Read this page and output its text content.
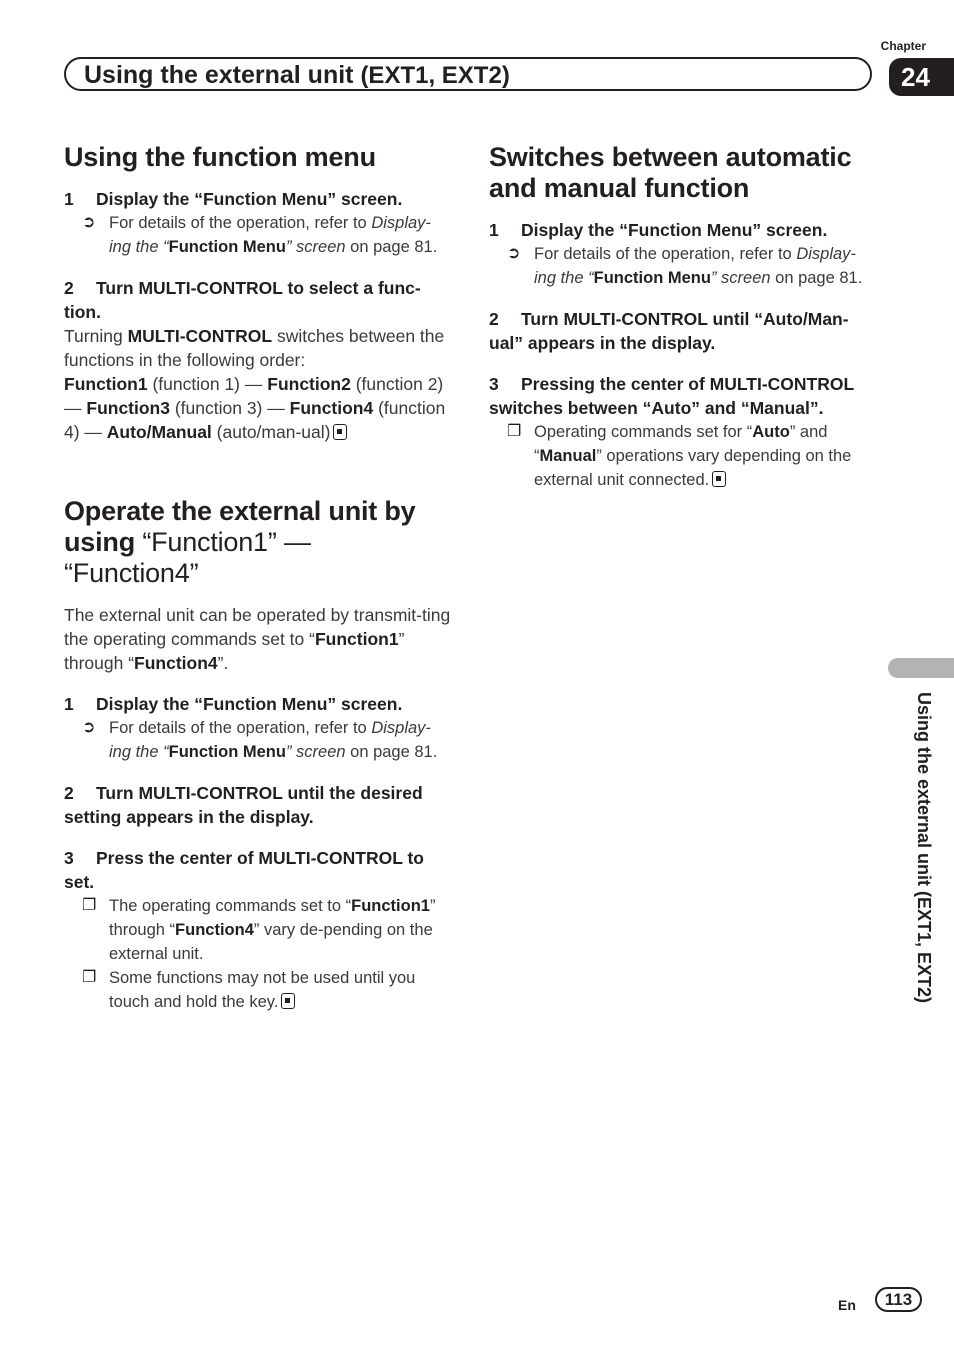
Chapter
Using the external unit (EXT1, EXT2)	24
Using the function menu
1 Display the “Function Menu” screen.
➲ For details of the operation, refer to Display-ing the “Function Menu” screen on page 81.
2 Turn MULTI-CONTROL to select a func-tion.
Turning MULTI-CONTROL switches between the functions in the following order:
Function1 (function 1) — Function2 (function 2) — Function3 (function 3) — Function4 (function 4) — Auto/Manual (auto/man-ual)
Operate the external unit by using “Function1” — “Function4”
The external unit can be operated by transmit-ting the operating commands set to “Function1” through “Function4”.
1 Display the “Function Menu” screen.
➲ For details of the operation, refer to Display-ing the “Function Menu” screen on page 81.
2 Turn MULTI-CONTROL until the desired setting appears in the display.
3 Press the center of MULTI-CONTROL to set.
❐ The operating commands set to “Function1” through “Function4” vary de-pending on the external unit.
❐ Some functions may not be used until you touch and hold the key.
Switches between automatic and manual function
1 Display the “Function Menu” screen.
➲ For details of the operation, refer to Display-ing the “Function Menu” screen on page 81.
2 Turn MULTI-CONTROL until “Auto/Man-ual” appears in the display.
3 Pressing the center of MULTI-CONTROL switches between “Auto” and “Manual”.
❐ Operating commands set for “Auto” and “Manual” operations vary depending on the external unit connected.
Using the external unit (EXT1, EXT2)
En	113
